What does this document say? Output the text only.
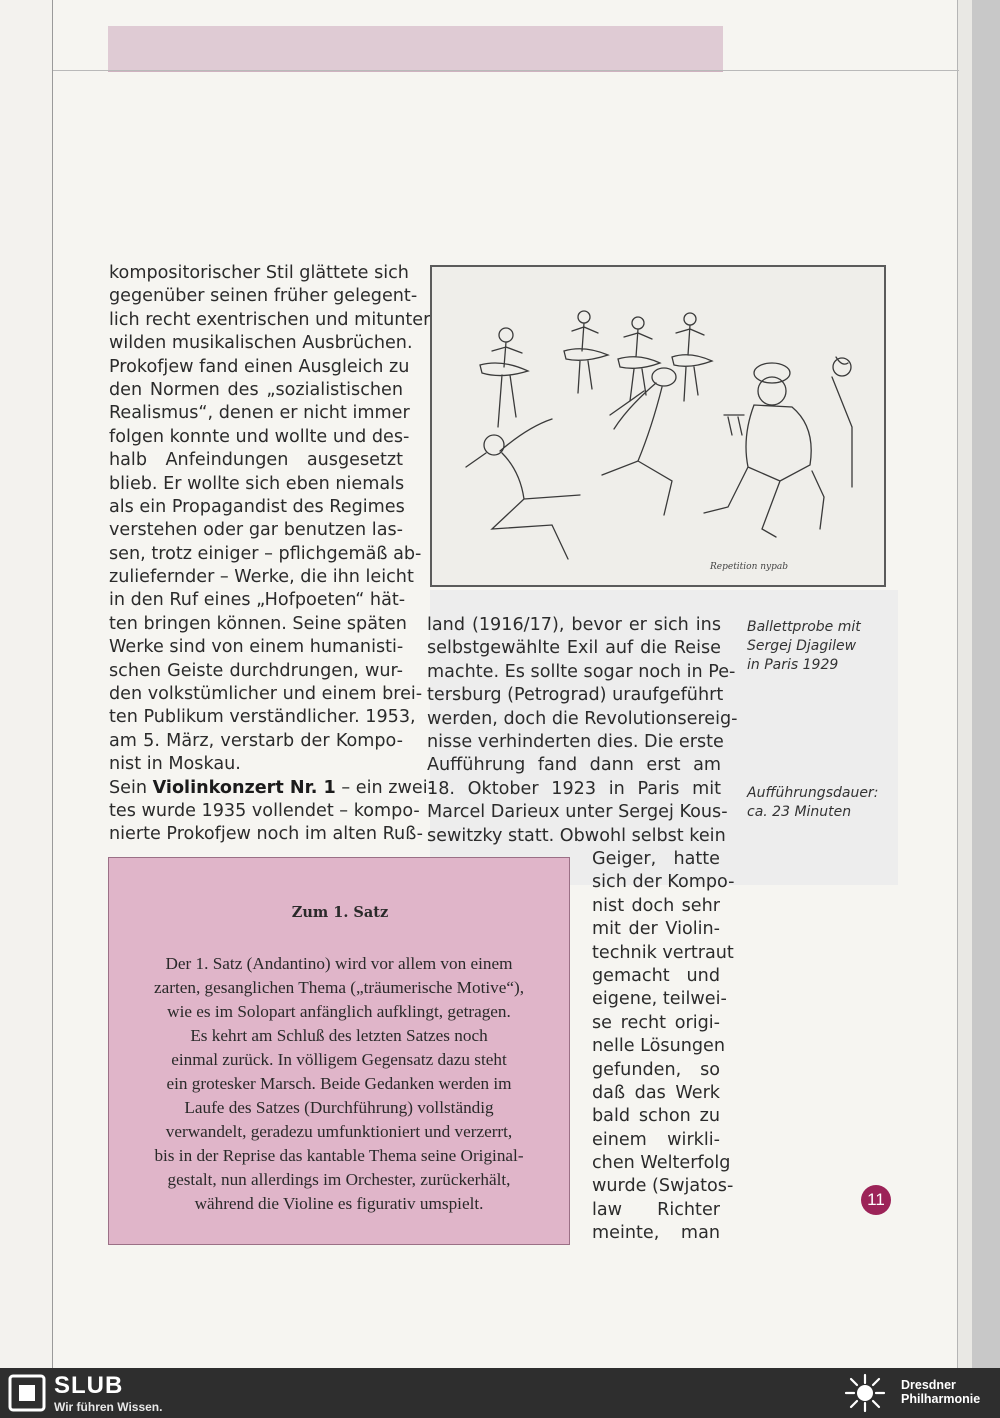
kompositorischer Stil glättete sich
gegenüber seinen früher gelegent-
lich recht exentrischen und mitunter
wilden musikalischen Ausbrüchen.
Prokofjew fand einen Ausgleich zu
den Normen des „sozialistischen
Realismus“, denen er nicht immer
folgen konnte und wollte und des-
halb Anfeindungen ausgesetzt
blieb. Er wollte sich eben niemals
als ein Propagandist des Regimes
verstehen oder gar benutzen las-
sen, trotz einiger – pflichgemäß ab-
zuliefernder – Werke, die ihn leicht
in den Ruf eines „Hofpoeten“ hät-
ten bringen können. Seine späten
Werke sind von einem humanisti-
schen Geiste durchdrungen, wur-
den volkstümlicher und einem brei-
ten Publikum verständlicher. 1953,
am 5. März, verstarb der Kompo-
nist in Moskau.
Sein Violinkonzert Nr. 1 – ein zwei-
tes wurde 1935 vollendet – kompo-
nierte Prokofjew noch im alten Ruß-
Repetition nypab
Ballettprobe mit
Sergej Djagilew
in Paris 1929
Aufführungsdauer:
ca. 23 Minuten
land (1916/17), bevor er sich ins
selbstgewählte Exil auf die Reise
machte. Es sollte sogar noch in Pe-
tersburg (Petrograd) uraufgeführt
werden, doch die Revolutionsereig-
nisse verhinderten dies. Die erste
Aufführung fand dann erst am
18. Oktober 1923 in Paris mit
Marcel Darieux unter Sergej Kous-
sewitzky statt. Obwohl selbst kein
Geiger, hatte
sich der Kompo-
nist doch sehr
mit der Violin-
technik vertraut
gemacht und
eigene, teilwei-
se recht origi-
nelle Lösungen
gefunden, so
daß das Werk
bald schon zu
einem wirkli-
chen Welterfolg
wurde (Swjatos-
law Richter
meinte, man
Zum 1. Satz
Der 1. Satz (Andantino) wird vor allem von einem
zarten, gesanglichen Thema („träumerische Motive“),
wie es im Solopart anfänglich aufklingt, getragen.
Es kehrt am Schluß des letzten Satzes noch
einmal zurück. In völligem Gegensatz dazu steht
ein grotesker Marsch. Beide Gedanken werden im
Laufe des Satzes (Durchführung) vollständig
verwandelt, geradezu umfunktioniert und verzerrt,
bis in der Reprise das kantable Thema seine Original-
gestalt, nun allerdings im Orchester, zurückerhält,
während die Violine es figurativ umspielt.	11
SLUB
Wir führen Wissen.
Dresdner
Philharmonie
